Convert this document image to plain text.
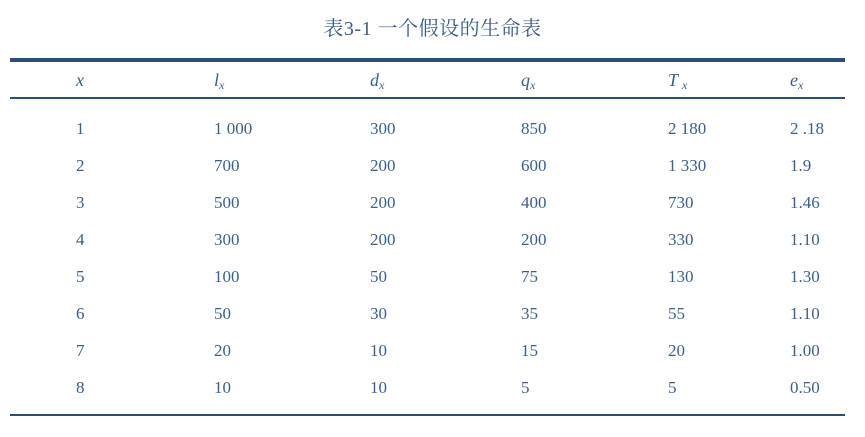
表3-1 一个假设的生命表
x	$l_x$	$d_x$	$q_x$	T $_x$	$e_x$
1	1 000	300	850	2 180	2 .18
2	700	200	600	1 330	1.9
3	500	200	400	730	1.46
4	300	200	200	330	1.10
5	100	50	75	130	1.30
6	50	30	35	55	1.10
7	20	10	15	20	1.00
8	10	10	5	5	0.50
